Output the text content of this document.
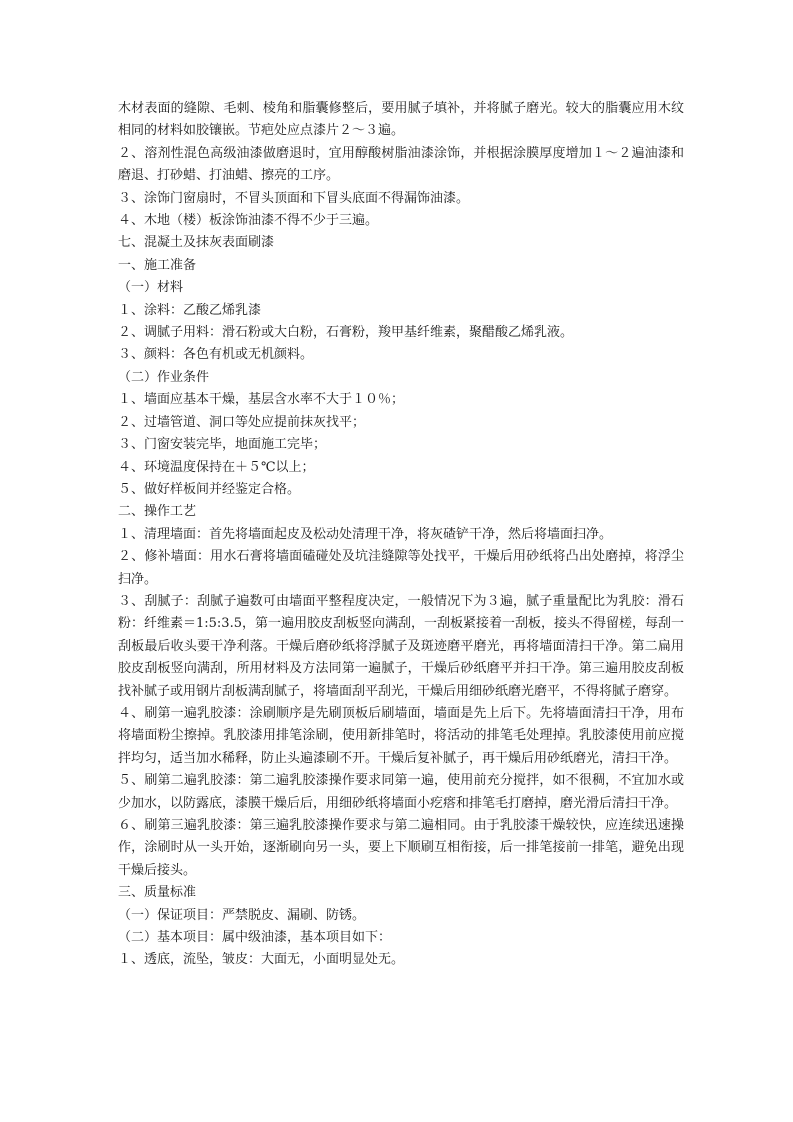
木材表面的缝隙、毛刺、棱角和脂囊修整后，要用腻子填补，并将腻子磨光。较大的脂囊应用木纹相同的材料如胶镶嵌。节疤处应点漆片２～３遍。

２、溶剂性混色高级油漆做磨退时，宜用醇酸树脂油漆涂饰，并根据涂膜厚度增加１～２遍油漆和磨退、打砂蜡、打油蜡、擦亮的工序。

３、涂饰门窗扇时，不冒头顶面和下冒头底面不得漏饰油漆。

４、木地（楼）板涂饰油漆不得不少于三遍。

七、混凝土及抹灰表面刷漆

一、施工准备

（一）材料

１、涂料：乙酸乙烯乳漆

２、调腻子用料：滑石粉或大白粉，石膏粉，羧甲基纤维素，聚醋酸乙烯乳液。

３、颜料：各色有机或无机颜料。

（二）作业条件

１、墙面应基本干燥，基层含水率不大于１０％；

２、过墙管道、洞口等处应提前抹灰找平；

３、门窗安装完毕，地面施工完毕；

４、环境温度保持在＋５℃以上；

５、做好样板间并经鉴定合格。

二、操作工艺

１、清理墙面：首先将墙面起皮及松动处清理干净，将灰碴铲干净，然后将墙面扫净。

２、修补墙面：用水石膏将墙面磕碰处及坑洼缝隙等处找平，干燥后用砂纸将凸出处磨掉，将浮尘扫净。

３、刮腻子：刮腻子遍数可由墙面平整程度决定，一般情况下为３遍，腻子重量配比为乳胶：滑石粉：纤维素＝1:5:3.5，第一遍用胶皮刮板竖向满刮，一刮板紧接着一刮板，接头不得留槎，每刮一刮板最后收头要干净利落。干燥后磨砂纸将浮腻子及斑迹磨平磨光，再将墙面清扫干净。第二扁用胶皮刮板竖向满刮，所用材料及方法同第一遍腻子，干燥后砂纸磨平并扫干净。第三遍用胶皮刮板找补腻子或用钢片刮板满刮腻子，将墙面刮平刮光，干燥后用细砂纸磨光磨平，不得将腻子磨穿。

４、刷第一遍乳胶漆：涂刷顺序是先刷顶板后刷墙面，墙面是先上后下。先将墙面清扫干净，用布将墙面粉尘擦掉。乳胶漆用排笔涂刷，使用新排笔时，将活动的排笔毛处理掉。乳胶漆使用前应搅拌均匀，适当加水稀释，防止头遍漆刷不开。干燥后复补腻子，再干燥后用砂纸磨光，清扫干净。

５、刷第二遍乳胶漆：第二遍乳胶漆操作要求同第一遍，使用前充分搅拌，如不很稠，不宜加水或少加水，以防露底，漆膜干燥后后，用细砂纸将墙面小疙瘩和排笔毛打磨掉，磨光滑后清扫干净。

６、刷第三遍乳胶漆：第三遍乳胶漆操作要求与第二遍相同。由于乳胶漆干燥较快，应连续迅速操作，涂刷时从一头开始，逐渐刷向另一头，要上下顺刷互相衔接，后一排笔接前一排笔，避免出现干燥后接头。

三、质量标准

（一）保证项目：严禁脱皮、漏刷、防锈。

（二）基本项目：属中级油漆，基本项目如下：

１、透底，流坠，皱皮：大面无，小面明显处无。
